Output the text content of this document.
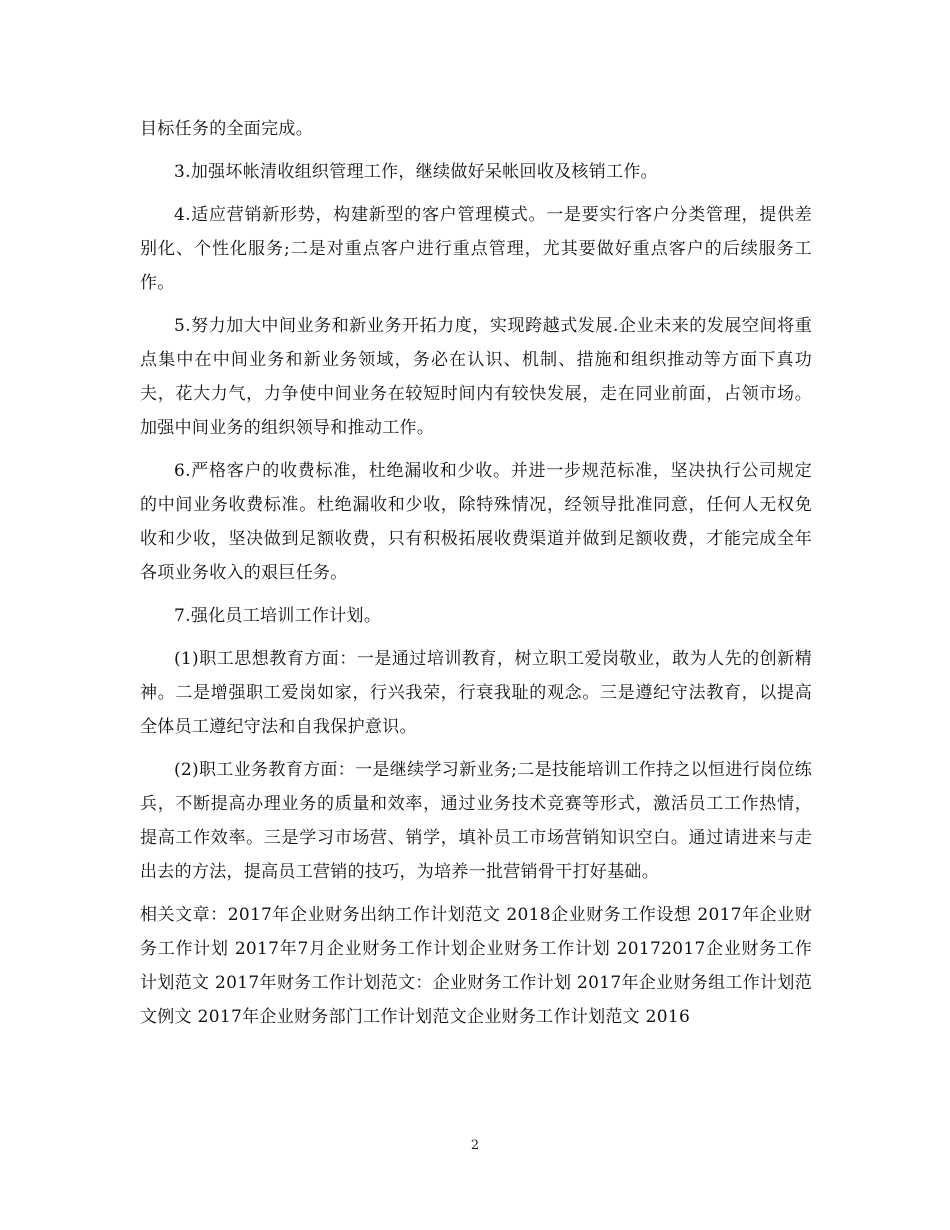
目标任务的全面完成。

3.加强坏帐清收组织管理工作，继续做好呆帐回收及核销工作。

4.适应营销新形势，构建新型的客户管理模式。一是要实行客户分类管理，提供差别化、个性化服务;二是对重点客户进行重点管理，尤其要做好重点客户的后续服务工作。

5.努力加大中间业务和新业务开拓力度，实现跨越式发展.企业未来的发展空间将重点集中在中间业务和新业务领域，务必在认识、机制、措施和组织推动等方面下真功夫，花大力气，力争使中间业务在较短时间内有较快发展，走在同业前面，占领市场。加强中间业务的组织领导和推动工作。

6.严格客户的收费标准，杜绝漏收和少收。并进一步规范标准，坚决执行公司规定的中间业务收费标准。杜绝漏收和少收，除特殊情况，经领导批准同意，任何人无权免收和少收，坚决做到足额收费，只有积极拓展收费渠道并做到足额收费，才能完成全年各项业务收入的艰巨任务。

7.强化员工培训工作计划。

(1)职工思想教育方面：一是通过培训教育，树立职工爱岗敬业，敢为人先的创新精神。二是增强职工爱岗如家，行兴我荣，行衰我耻的观念。三是遵纪守法教育，以提高全体员工遵纪守法和自我保护意识。

(2)职工业务教育方面：一是继续学习新业务;二是技能培训工作持之以恒进行岗位练兵，不断提高办理业务的质量和效率，通过业务技术竞赛等形式，激活员工工作热情，提高工作效率。三是学习市场营、销学，填补员工市场营销知识空白。通过请进来与走出去的方法，提高员工营销的技巧，为培养一批营销骨干打好基础。

相关文章：2017年企业财务出纳工作计划范文 2018企业财务工作设想 2017年企业财务工作计划 2017年7月企业财务工作计划企业财务工作计划 20172017企业财务工作计划范文 2017年财务工作计划范文：企业财务工作计划 2017年企业财务组工作计划范文例文 2017年企业财务部门工作计划范文企业财务工作计划范文 2016

2
